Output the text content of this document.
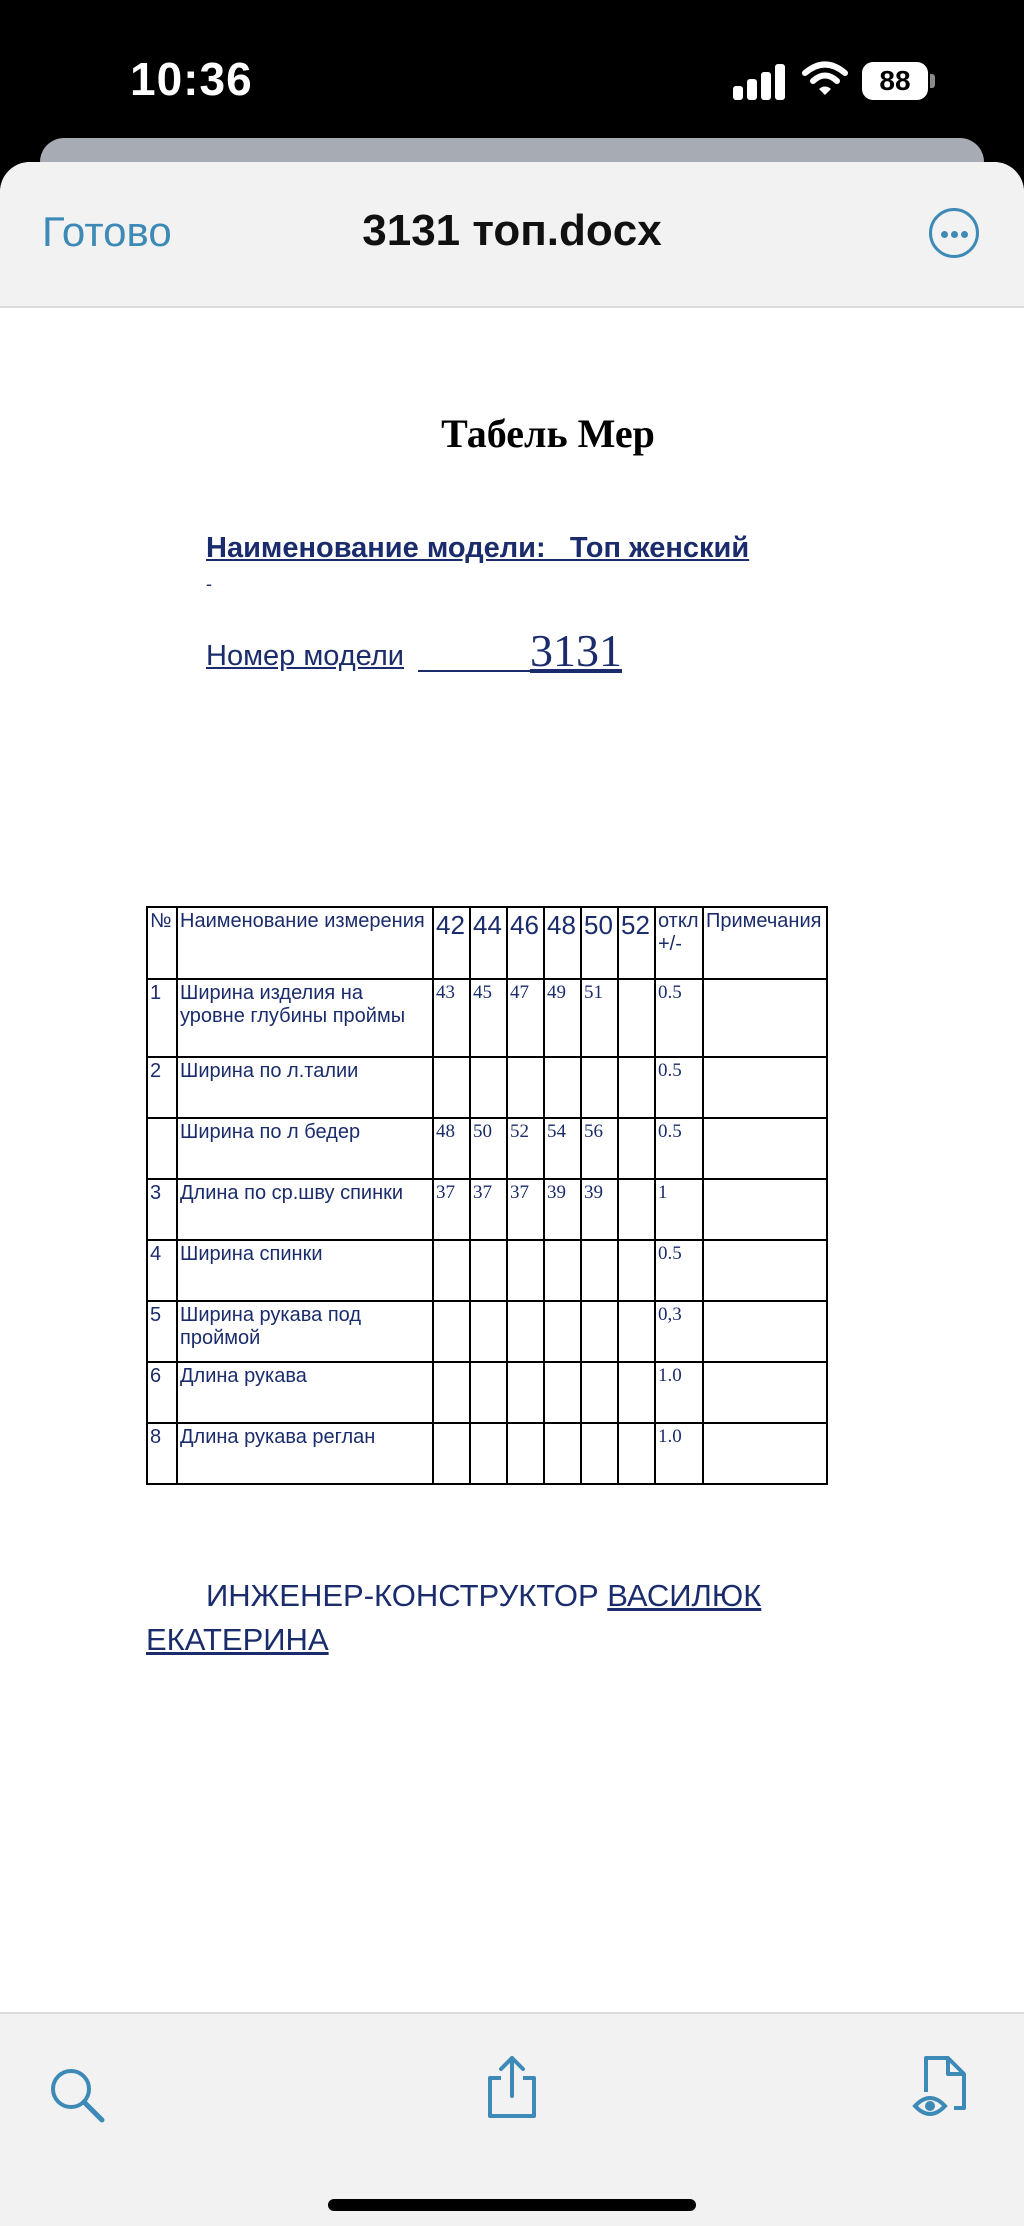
10:36	88
Готово	3131 топ.docx
Табель Мер
Наименование модели: _Топ женский
-
Номер модели	3131
№	Наименование измерения	42	44	46	48	50	52	откл +/-	Примечания
1	Ширина изделия на уровне глубины проймы	43	45	47	49	51		0.5	
2	Ширина по л.талии							0.5	
	Ширина по л бедер	48	50	52	54	56		0.5	
3	Длина по ср.шву спинки	37	37	37	39	39		1	
4	Ширина спинки							0.5	
5	Ширина рукава под проймой							0,3	
6	Длина рукава							1.0	
8	Длина рукава реглан							1.0	
ИНЖЕНЕР-КОНСТРУКТОР ВАСИЛЮК ЕКАТЕРИНА
